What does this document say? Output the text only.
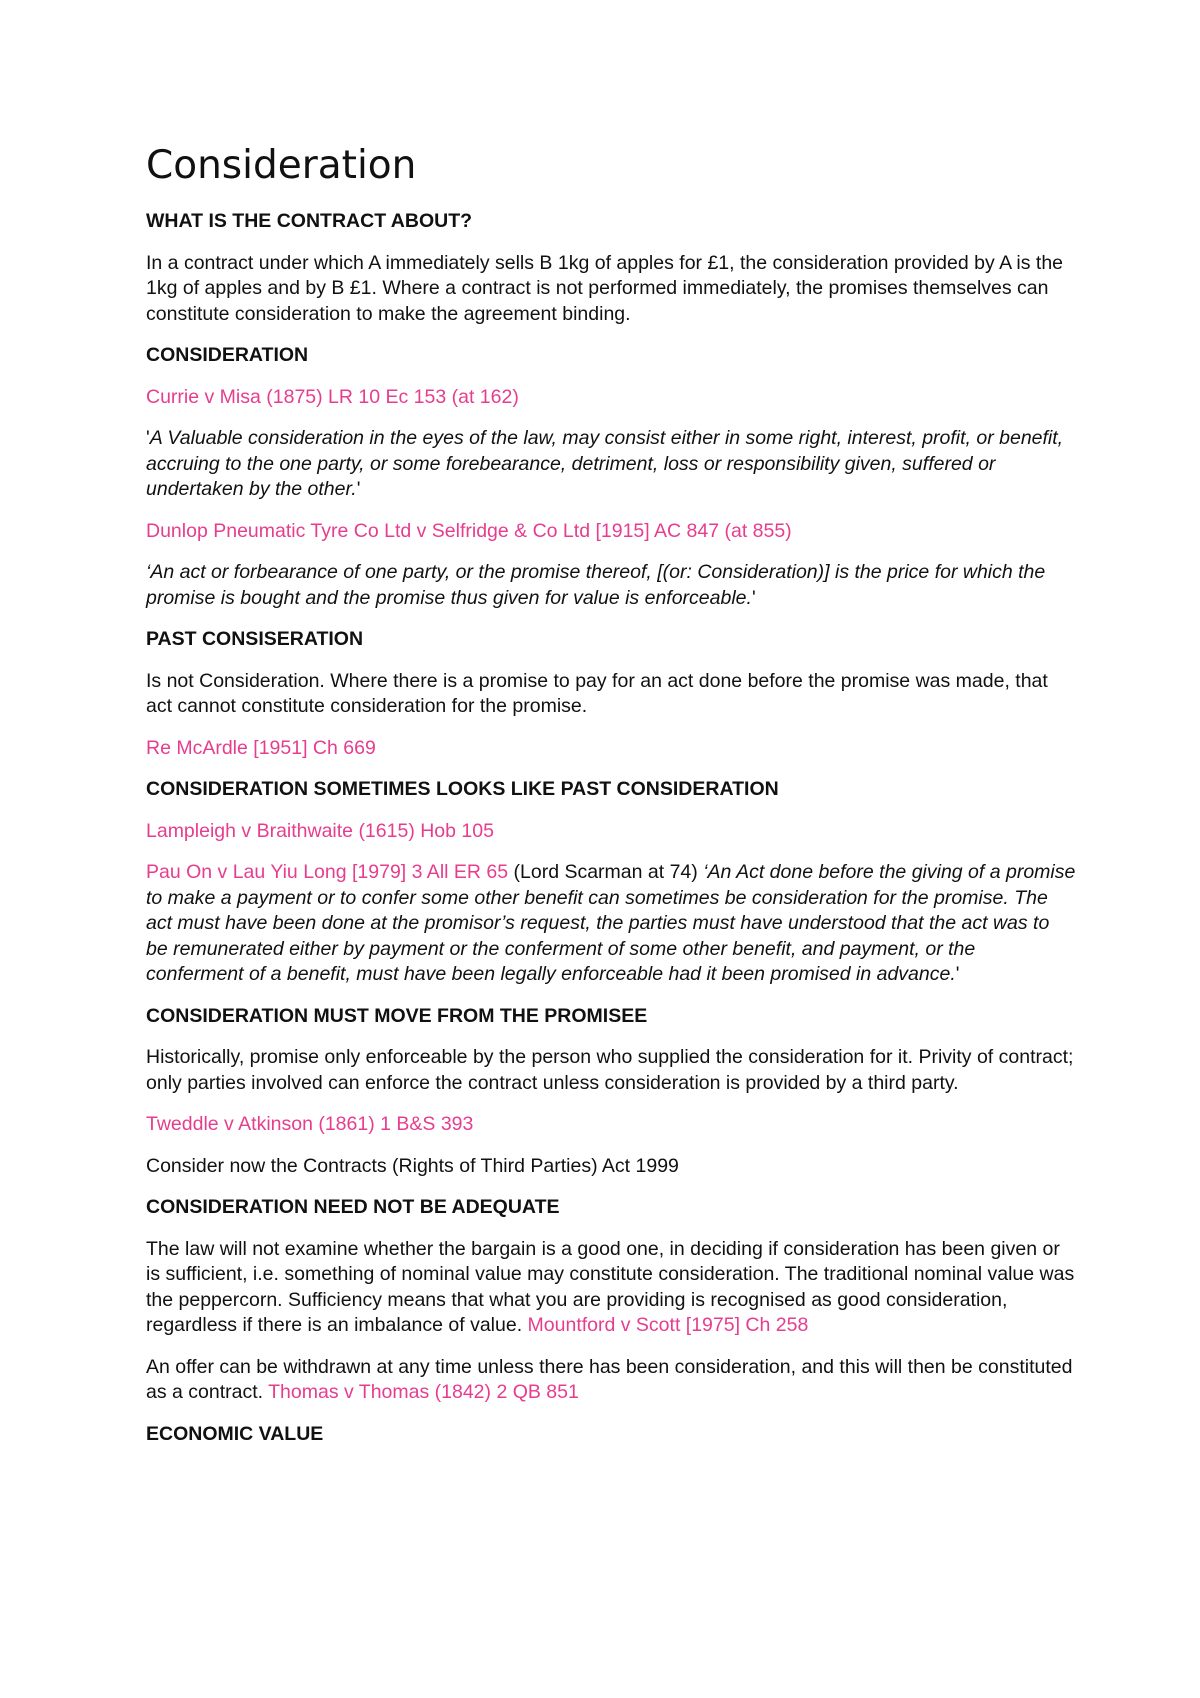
Consideration
WHAT IS THE CONTRACT ABOUT?
In a contract under which A immediately sells B 1kg of apples for £1, the consideration provided by A is the 1kg of apples and by B £1. Where a contract is not performed immediately, the promises themselves can constitute consideration to make the agreement binding.
CONSIDERATION
Currie v Misa (1875) LR 10 Ec 153 (at 162)
'A Valuable consideration in the eyes of the law, may consist either in some right, interest, profit, or benefit, accruing to the one party, or some forebearance, detriment, loss or responsibility given, suffered or undertaken by the other.'
Dunlop Pneumatic Tyre Co Ltd v Selfridge & Co Ltd [1915] AC 847 (at 855)
‘An act or forbearance of one party, or the promise thereof, [(or: Consideration)] is the price for which the promise is bought and the promise thus given for value is enforceable.'
PAST CONSISERATION
Is not Consideration. Where there is a promise to pay for an act done before the promise was made, that act cannot constitute consideration for the promise.
Re McArdle [1951] Ch 669
CONSIDERATION SOMETIMES LOOKS LIKE PAST CONSIDERATION
Lampleigh v Braithwaite (1615) Hob 105
Pau On v Lau Yiu Long [1979] 3 All ER 65 (Lord Scarman at 74) ‘An Act done before the giving of a promise to make a payment or to confer some other benefit can sometimes be consideration for the promise. The act must have been done at the promisor’s request, the parties must have understood that the act was to be remunerated either by payment or the conferment of some other benefit, and payment, or the conferment of a benefit, must have been legally enforceable had it been promised in advance.'
CONSIDERATION MUST MOVE FROM THE PROMISEE
Historically, promise only enforceable by the person who supplied the consideration for it. Privity of contract; only parties involved can enforce the contract unless consideration is provided by a third party.
Tweddle v Atkinson (1861) 1 B&S 393
Consider now the Contracts (Rights of Third Parties) Act 1999
CONSIDERATION NEED NOT BE ADEQUATE
The law will not examine whether the bargain is a good one, in deciding if consideration has been given or is sufficient, i.e. something of nominal value may constitute consideration. The traditional nominal value was the peppercorn. Sufficiency means that what you are providing is recognised as good consideration, regardless if there is an imbalance of value. Mountford v Scott [1975] Ch 258
An offer can be withdrawn at any time unless there has been consideration, and this will then be constituted as a contract. Thomas v Thomas (1842) 2 QB 851
ECONOMIC VALUE
